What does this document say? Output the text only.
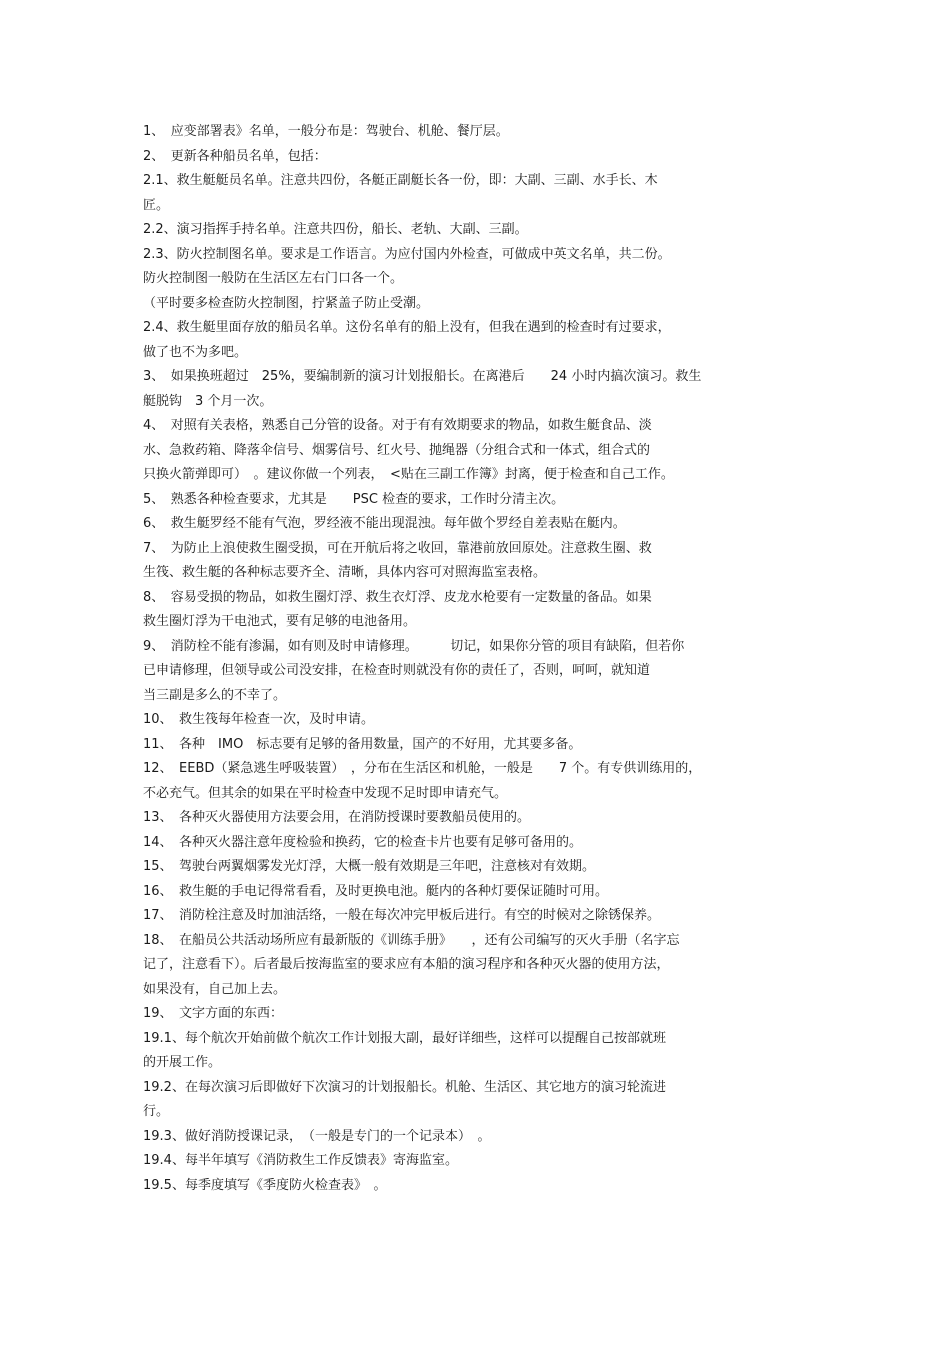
1、　应变部署表》名单，一般分布是：驾驶台、机舱、餐厅层。
2、　更新各种船员名单，包括：
2.1、救生艇艇员名单。注意共四份，各艇正副艇长各一份，即：大副、三副、水手长、木
匠。
2.2、演习指挥手持名单。注意共四份，船长、老轨、大副、三副。
2.3、防火控制图名单。要求是工作语言。为应付国内外检查，可做成中英文名单，共二份。
防火控制图一般防在生活区左右门口各一个。
（平时要多检查防火控制图，拧紧盖子防止受潮。
2.4、救生艇里面存放的船员名单。这份名单有的船上没有，但我在遇到的检查时有过要求，
做了也不为多吧。
3、　如果换班超过　25%，要编制新的演习计划报船长。在离港后　　24 小时内搞次演习。救生
艇脱钩　3 个月一次。
4、　对照有关表格，熟悉自己分管的设备。对于有有效期要求的物品，如救生艇食品、淡
水、急救药箱、降落伞信号、烟雾信号、红火号、抛绳器（分组合式和一体式，组合式的
只换火箭弹即可）　。建议你做一个列表，　<贴在三副工作簿》封离，便于检查和自己工作。
5、　熟悉各种检查要求，尤其是　　PSC 检查的要求，工作时分清主次。
6、　救生艇罗经不能有气泡，罗经液不能出现混浊。每年做个罗经自差表贴在艇内。
7、　为防止上浪使救生圈受损，可在开航后将之收回，靠港前放回原处。注意救生圈、救
生筏、救生艇的各种标志要齐全、清晰，具体内容可对照海监室表格。
8、　容易受损的物品，如救生圈灯浮、救生衣灯浮、皮龙水枪要有一定数量的备品。如果
救生圈灯浮为干电池式，要有足够的电池备用。
9、　消防栓不能有渗漏，如有则及时申请修理。　　　切记，如果你分管的项目有缺陷，但若你
已申请修理，但领导或公司没安排，在检查时则就没有你的责任了，否则，呵呵，就知道
当三副是多么的不幸了。
10、　救生筏每年检查一次，及时申请。
11、　各种　IMO　标志要有足够的备用数量，国产的不好用，尤其要多备。
12、　EEBD（紧急逃生呼吸装置）　，分布在生活区和机舱，一般是　　7 个。有专供训练用的，
不必充气。但其余的如果在平时检查中发现不足时即申请充气。
13、　各种灭火器使用方法要会用，在消防授课时要教船员使用的。
14、　各种灭火器注意年度检验和换药，它的检查卡片也要有足够可备用的。
15、　驾驶台两翼烟雾发光灯浮，大概一般有效期是三年吧，注意核对有效期。
16、　救生艇的手电记得常看看，及时更换电池。艇内的各种灯要保证随时可用。
17、　消防栓注意及时加油活络，一般在每次冲完甲板后进行。有空的时候对之除锈保养。
18、　在船员公共活动场所应有最新版的《训练手册》　　，还有公司编写的灭火手册（名字忘
记了，注意看下）。后者最后按海监室的要求应有本船的演习程序和各种灭火器的使用方法，
如果没有，自己加上去。
19、　文字方面的东西：
19.1、每个航次开始前做个航次工作计划报大副，最好详细些，这样可以提醒自己按部就班
的开展工作。
19.2、在每次演习后即做好下次演习的计划报船长。机舱、生活区、其它地方的演习轮流进
行。
19.3、做好消防授课记录，　（一般是专门的一个记录本）　。
19.4、每半年填写《消防救生工作反馈表》寄海监室。
19.5、每季度填写《季度防火检查表》　。
